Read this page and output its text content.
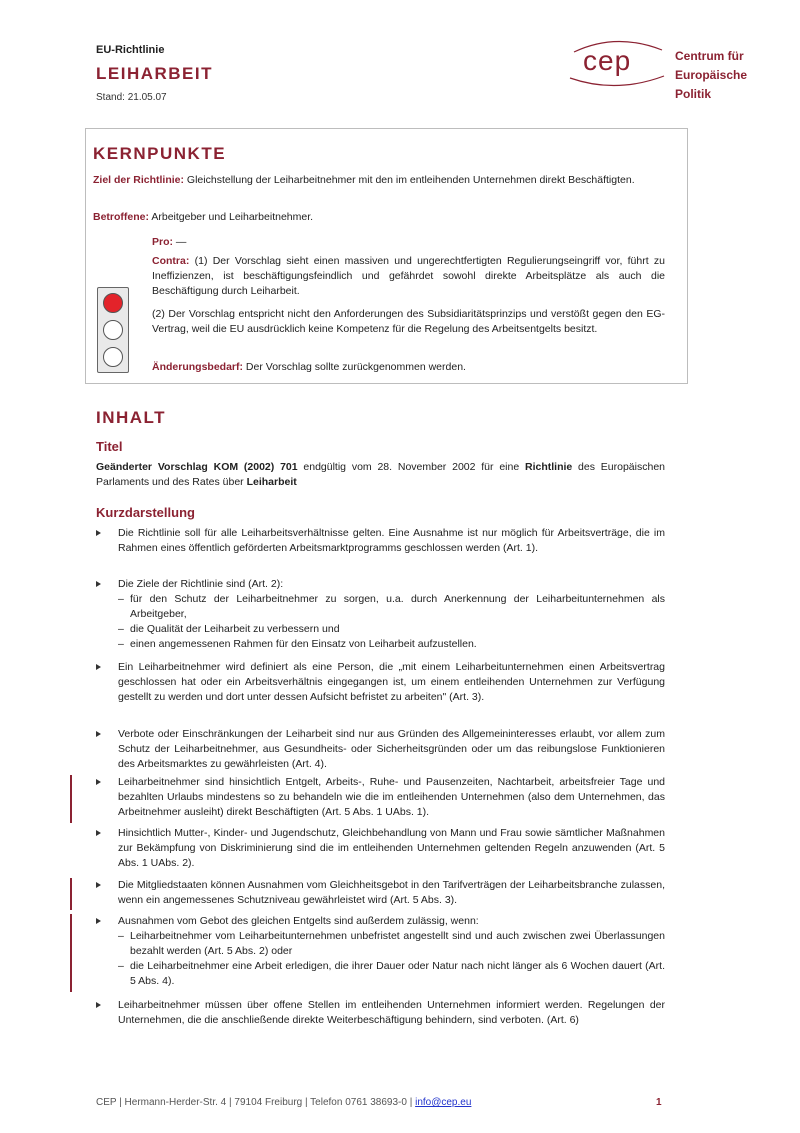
EU-Richtlinie
LEIHARBEIT
Stand: 21.05.07
cep	Centrum für
Europäische
Politik
KERNPUNKTE
Ziel der Richtlinie: Gleichstellung der Leiharbeitnehmer mit den im entleihenden Unternehmen direkt Beschäftigten.
Betroffene: Arbeitgeber und Leiharbeitnehmer.
Pro: —
Contra: (1) Der Vorschlag sieht einen massiven und ungerechtfertigten Regulierungseingriff vor, führt zu Ineffizienzen, ist beschäftigungsfeindlich und gefährdet sowohl direkte Arbeitsplätze als auch die Beschäftigung durch Leiharbeit.
(2) Der Vorschlag entspricht nicht den Anforderungen des Subsidiaritätsprinzips und verstößt gegen den EG-Vertrag, weil die EU ausdrücklich keine Kompetenz für die Regelung des Arbeitsentgelts besitzt.
Änderungsbedarf: Der Vorschlag sollte zurückgenommen werden.
INHALT
Titel
Geänderter Vorschlag KOM (2002) 701 endgültig vom 28. November 2002 für eine Richtlinie des Europäischen Parlaments und des Rates über Leiharbeit
Kurzdarstellung
Die Richtlinie soll für alle Leiharbeitsverhältnisse gelten. Eine Ausnahme ist nur möglich für Arbeitsverträge, die im Rahmen eines öffentlich geförderten Arbeitsmarktprogramms geschlossen werden (Art. 1).
Die Ziele der Richtlinie sind (Art. 2):
– für den Schutz der Leiharbeitnehmer zu sorgen, u.a. durch Anerkennung der Leiharbeitunternehmen als Arbeitgeber,
– die Qualität der Leiharbeit zu verbessern und
– einen angemessenen Rahmen für den Einsatz von Leiharbeit aufzustellen.
Ein Leiharbeitnehmer wird definiert als eine Person, die „mit einem Leiharbeitunternehmen einen Arbeitsvertrag geschlossen hat oder ein Arbeitsverhältnis eingegangen ist, um einem entleihenden Unternehmen zur Verfügung gestellt zu werden und dort unter dessen Aufsicht befristet zu arbeiten" (Art. 3).
Verbote oder Einschränkungen der Leiharbeit sind nur aus Gründen des Allgemeininteresses erlaubt, vor allem zum Schutz der Leiharbeitnehmer, aus Gesundheits- oder Sicherheitsgründen oder um das reibungslose Funktionieren des Arbeitsmarktes zu gewährleisten (Art. 4).
Leiharbeitnehmer sind hinsichtlich Entgelt, Arbeits-, Ruhe- und Pausenzeiten, Nachtarbeit, arbeitsfreier Tage und bezahlten Urlaubs mindestens so zu behandeln wie die im entleihenden Unternehmen (also dem Unternehmen, das Arbeitnehmer ausleiht) direkt Beschäftigten (Art. 5 Abs. 1 UAbs. 1).
Hinsichtlich Mutter-, Kinder- und Jugendschutz, Gleichbehandlung von Mann und Frau sowie sämtlicher Maßnahmen zur Bekämpfung von Diskriminierung sind die im entleihenden Unternehmen geltenden Regeln anzuwenden (Art. 5 Abs. 1 UAbs. 2).
Die Mitgliedstaaten können Ausnahmen vom Gleichheitsgebot in den Tarifverträgen der Leiharbeitsbranche zulassen, wenn ein angemessenes Schutzniveau gewährleistet wird (Art. 5 Abs. 3).
Ausnahmen vom Gebot des gleichen Entgelts sind außerdem zulässig, wenn:
– Leiharbeitnehmer vom Leiharbeitunternehmen unbefristet angestellt sind und auch zwischen zwei Überlassungen bezahlt werden (Art. 5 Abs. 2) oder
– die Leiharbeitnehmer eine Arbeit erledigen, die ihrer Dauer oder Natur nach nicht länger als 6 Wochen dauert (Art. 5 Abs. 4).
Leiharbeitnehmer müssen über offene Stellen im entleihenden Unternehmen informiert werden. Regelungen der Unternehmen, die die anschließende direkte Weiterbeschäftigung behindern, sind verboten. (Art. 6)
CEP | Hermann-Herder-Str. 4 | 79104 Freiburg | Telefon 0761 38693-0 | info@cep.eu	1
